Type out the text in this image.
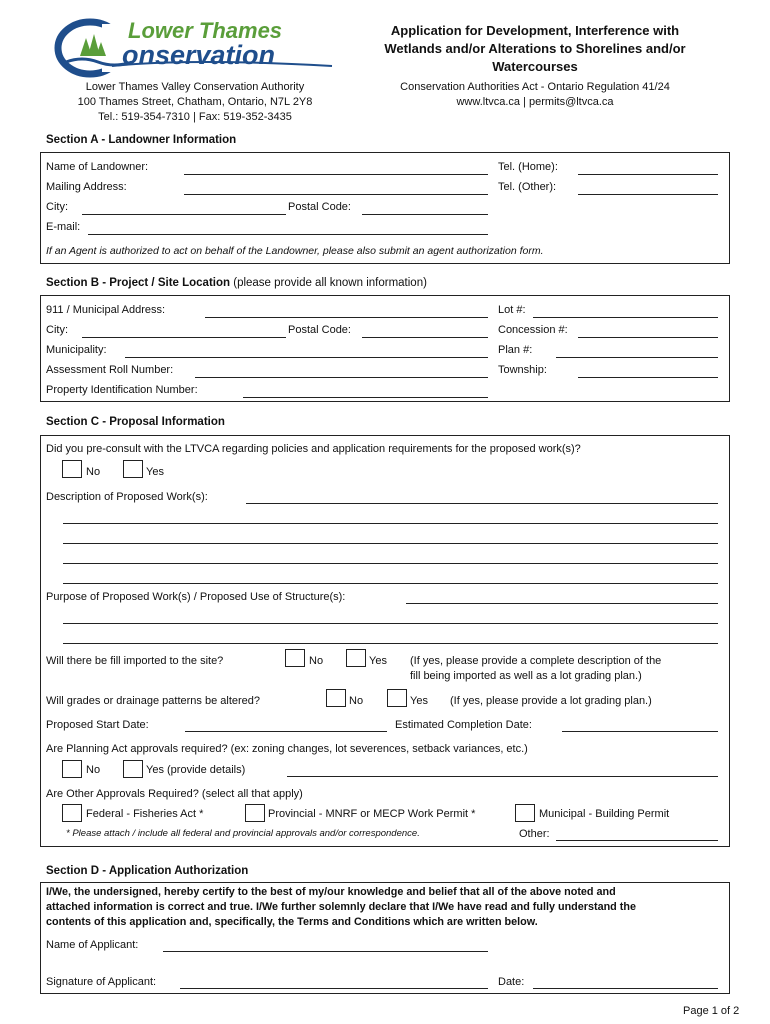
Lower Thames
onservation
Lower Thames Valley Conservation Authority
100 Thames Street, Chatham, Ontario, N7L 2Y8
Tel.: 519-354-7310 | Fax: 519-352-3435
Application for Development, Interference with
Wetlands and/or Alterations to Shorelines and/or
Watercourses
Conservation Authorities Act - Ontario Regulation 41/24
www.ltvca.ca | permits@ltvca.ca
Section A - Landowner Information
Name of Landowner:	Tel. (Home):
Mailing Address:	Tel. (Other):
City:	Postal Code:
E-mail:
If an Agent is authorized to act on behalf of the Landowner, please also submit an agent authorization form.
Section B - Project / Site Location (please provide all known information)
911 / Municipal Address:	Lot #:
City:	Postal Code:	Concession #:
Municipality:	Plan #:
Assessment Roll Number:	Township:
Property Identification Number:
Section C - Proposal Information
Did you pre-consult with the LTVCA regarding policies and application requirements for the proposed work(s)?
No	Yes
Description of Proposed Work(s):
Purpose of Proposed Work(s) / Proposed Use of Structure(s):
Will there be fill imported to the site?	No	Yes (If yes, please provide a complete description of the
fill being imported as well as a lot grading plan.)
Will grades or drainage patterns be altered?	No	Yes (If yes, please provide a lot grading plan.)
Proposed Start Date:	Estimated Completion Date:
Are Planning Act approvals required? (ex: zoning changes, lot severences, setback variances, etc.)
No	Yes (provide details)
Are Other Approvals Required? (select all that apply)
Federal - Fisheries Act *	Provincial - MNRF or MECP Work Permit *	Municipal - Building Permit
* Please attach / include all federal and provincial approvals and/or correspondence.	Other:
Section D - Application Authorization
I/We, the undersigned, hereby certify to the best of my/our knowledge and belief that all of the above noted and
attached information is correct and true. I/We further solemnly declare that I/We have read and fully understand the
contents of this application and, specifically, the Terms and Conditions which are written below.
Name of Applicant:
Signature of Applicant:	Date:
Page 1 of 2
